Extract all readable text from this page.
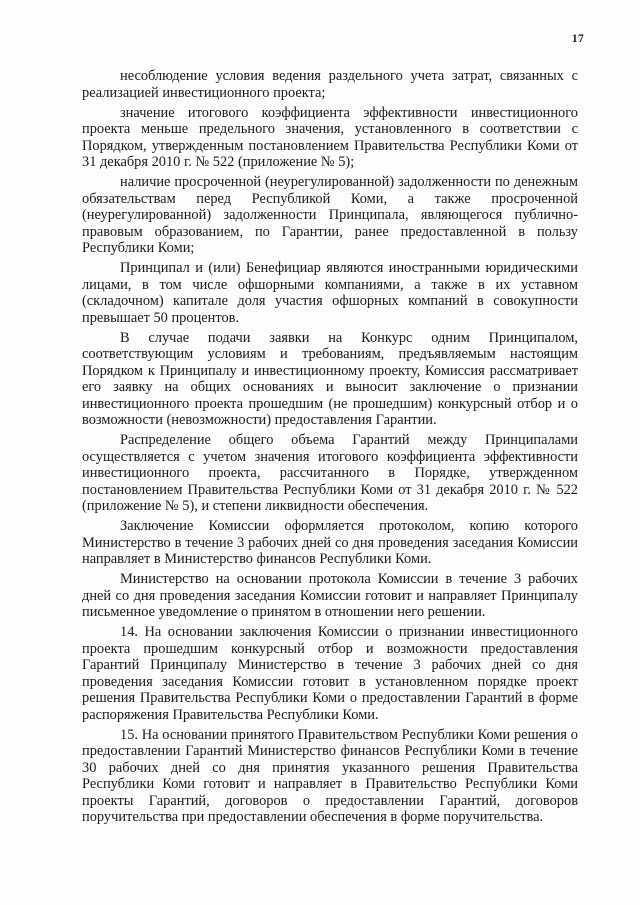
17

несоблюдение условия ведения раздельного учета затрат, связанных с реализацией инвестиционного проекта;

значение итогового коэффициента эффективности инвестиционного проекта меньше предельного значения, установленного в соответствии с Порядком, утвержденным постановлением Правительства Республики Коми от 31 декабря 2010 г. № 522 (приложение № 5);

наличие просроченной (неурегулированной) задолженности по денежным обязательствам перед Республикой Коми, а также просроченной (неурегулированной) задолженности Принципала, являющегося публично-правовым образованием, по Гарантии, ранее предоставленной в пользу Республики Коми;

Принципал и (или) Бенефициар являются иностранными юридическими лицами, в том числе офшорными компаниями, а также в их уставном (складочном) капитале доля участия офшорных компаний в совокупности превышает 50 процентов.

В случае подачи заявки на Конкурс одним Принципалом, соответствующим условиям и требованиям, предъявляемым настоящим Порядком к Принципалу и инвестиционному проекту, Комиссия рассматривает его заявку на общих основаниях и выносит заключение о признании инвестиционного проекта прошедшим (не прошедшим) конкурсный отбор и о возможности (невозможности) предоставления Гарантии.

Распределение общего объема Гарантий между Принципалами осуществляется с учетом значения итогового коэффициента эффективности инвестиционного проекта, рассчитанного в Порядке, утвержденном постановлением Правительства Республики Коми от 31 декабря 2010 г. № 522 (приложение № 5), и степени ликвидности обеспечения.

Заключение Комиссии оформляется протоколом, копию которого Министерство в течение 3 рабочих дней со дня проведения заседания Комиссии направляет в Министерство финансов Республики Коми.

Министерство на основании протокола Комиссии в течение 3 рабочих дней со дня проведения заседания Комиссии готовит и направляет Принципалу письменное уведомление о принятом в отношении него решении.

14. На основании заключения Комиссии о признании инвестиционного проекта прошедшим конкурсный отбор и возможности предоставления Гарантий Принципалу Министерство в течение 3 рабочих дней со дня проведения заседания Комиссии готовит в установленном порядке проект решения Правительства Республики Коми о предоставлении Гарантий в форме распоряжения Правительства Республики Коми.

15. На основании принятого Правительством Республики Коми решения о предоставлении Гарантий Министерство финансов Республики Коми в течение 30 рабочих дней со дня принятия указанного решения Правительства Республики Коми готовит и направляет в Правительство Республики Коми проекты Гарантий, договоров о предоставлении Гарантий, договоров поручительства при предоставлении обеспечения в форме поручительства.
